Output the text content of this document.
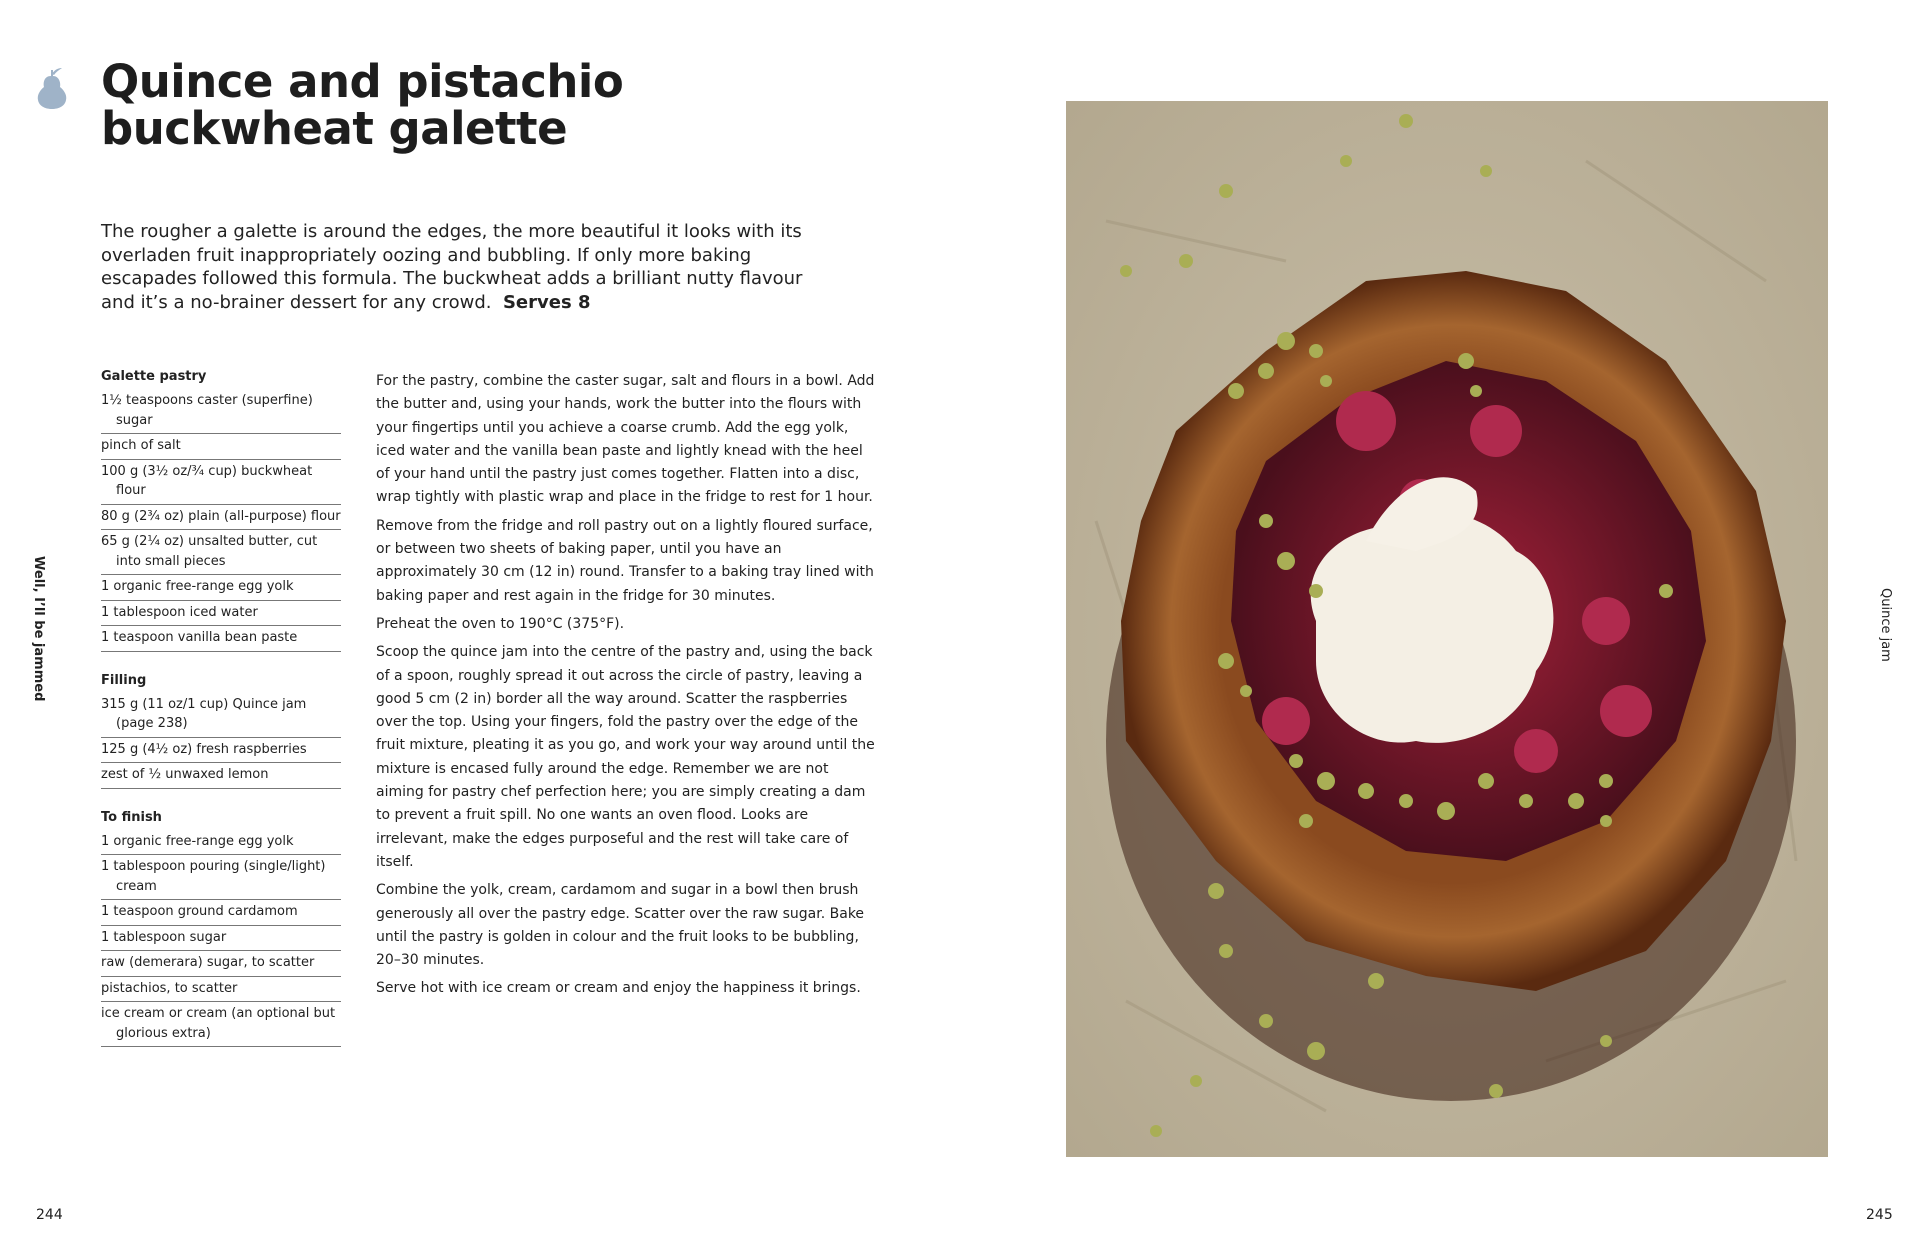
Quince and pistachio
buckwheat galette

The rougher a galette is around the edges, the more beautiful it looks with its overladen fruit inappropriately oozing and bubbling. If only more baking escapades followed this formula. The buckwheat adds a brilliant nutty flavour and it’s a no-brainer dessert for any crowd. Serves 8

Galette pastry
1½ teaspoons caster (superfine) sugar
pinch of salt
100 g (3½ oz/¾ cup) buckwheat flour
80 g (2¾ oz) plain (all-purpose) flour
65 g (2¼ oz) unsalted butter, cut into small pieces
1 organic free-range egg yolk
1 tablespoon iced water
1 teaspoon vanilla bean paste
Filling
315 g (11 oz/1 cup) Quince jam (page 238)
125 g (4½ oz) fresh raspberries
zest of ½ unwaxed lemon
To finish
1 organic free-range egg yolk
1 tablespoon pouring (single/light) cream
1 teaspoon ground cardamom
1 tablespoon sugar
raw (demerara) sugar, to scatter
pistachios, to scatter
ice cream or cream (an optional but glorious extra)

For the pastry, combine the caster sugar, salt and flours in a bowl. Add the butter and, using your hands, work the butter into the flours with your fingertips until you achieve a coarse crumb. Add the egg yolk, iced water and the vanilla bean paste and lightly knead with the heel of your hand until the pastry just comes together. Flatten into a disc, wrap tightly with plastic wrap and place in the fridge to rest for 1 hour.

Remove from the fridge and roll pastry out on a lightly floured surface, or between two sheets of baking paper, until you have an approximately 30 cm (12 in) round. Transfer to a baking tray lined with baking paper and rest again in the fridge for 30 minutes.

Preheat the oven to 190°C (375°F).

Scoop the quince jam into the centre of the pastry and, using the back of a spoon, roughly spread it out across the circle of pastry, leaving a good 5 cm (2 in) border all the way around. Scatter the raspberries over the top. Using your fingers, fold the pastry over the edge of the fruit mixture, pleating it as you go, and work your way around until the mixture is encased fully around the edge. Remember we are not aiming for pastry chef perfection here; you are simply creating a dam to prevent a fruit spill. No one wants an oven flood. Looks are irrelevant, make the edges purposeful and the rest will take care of itself.

Combine the yolk, cream, cardamom and sugar in a bowl then brush generously all over the pastry edge. Scatter over the raw sugar. Bake until the pastry is golden in colour and the fruit looks to be bubbling, 20–30 minutes.

Serve hot with ice cream or cream and enjoy the happiness it brings.

Well, I’ll be jammed
244
Quince jam
245
